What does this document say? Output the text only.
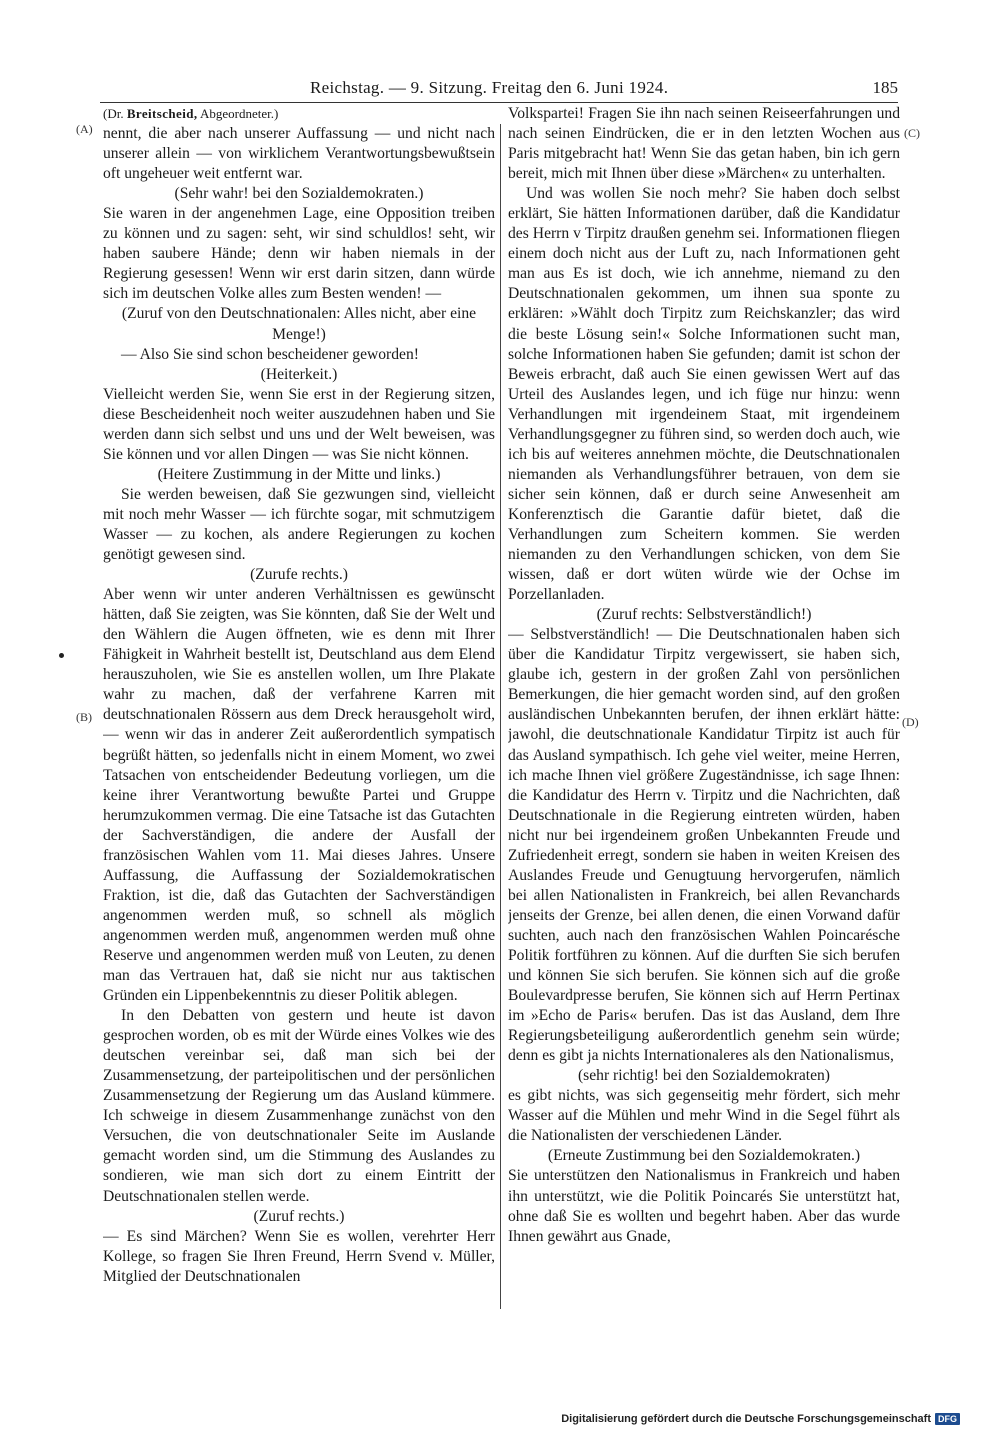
Reichstag. — 9. Sitzung. Freitag den 6. Juni 1924.	185
(A)
(B)
(C)
(D)

(Dr. Breitscheid, Abgeordneter.)

nennt, die aber nach unserer Auffassung — und nicht nach unserer allein — von wirklichem Verantwortungsbewußtsein oft ungeheuer weit entfernt war.

(Sehr wahr! bei den Sozialdemokraten.)

Sie waren in der angenehmen Lage, eine Opposition treiben zu können und zu sagen: seht, wir sind schuldlos! seht, wir haben saubere Hände; denn wir haben niemals in der Regierung gesessen! Wenn wir erst darin sitzen, dann würde sich im deutschen Volke alles zum Besten wenden! —

(Zuruf von den Deutschnationalen: Alles nicht, aber eine Menge!)

— Also Sie sind schon bescheidener geworden!

(Heiterkeit.)

Vielleicht werden Sie, wenn Sie erst in der Regierung sitzen, diese Bescheidenheit noch weiter auszudehnen haben und Sie werden dann sich selbst und uns und der Welt beweisen, was Sie können und vor allen Dingen — was Sie nicht können.

(Heitere Zustimmung in der Mitte und links.)

Sie werden beweisen, daß Sie gezwungen sind, vielleicht mit noch mehr Wasser — ich fürchte sogar, mit schmutzigem Wasser — zu kochen, als andere Regierungen zu kochen genötigt gewesen sind.

(Zurufe rechts.)

Aber wenn wir unter anderen Verhältnissen es gewünscht hätten, daß Sie zeigten, was Sie könnten, daß Sie der Welt und den Wählern die Augen öffneten, wie es denn mit Ihrer Fähigkeit in Wahrheit bestellt ist, Deutschland aus dem Elend herauszuholen, wie Sie es anstellen wollen, um Ihre Plakate wahr zu machen, daß der verfahrene Karren mit deutschnationalen Rössern aus dem Dreck herausgeholt wird, — wenn wir das in anderer Zeit außerordentlich sympatisch begrüßt hätten, so jedenfalls nicht in einem Moment, wo zwei Tatsachen von entscheidender Bedeutung vorliegen, um die keine ihrer Verantwortung bewußte Partei und Gruppe herumzukommen vermag. Die eine Tatsache ist das Gutachten der Sachverständigen, die andere der Ausfall der französischen Wahlen vom 11. Mai dieses Jahres. Unsere Auffassung, die Auffassung der Sozialdemokratischen Fraktion, ist die, daß das Gutachten der Sachverständigen angenommen werden muß, so schnell als möglich angenommen werden muß, angenommen werden muß ohne Reserve und angenommen werden muß von Leuten, zu denen man das Vertrauen hat, daß sie nicht nur aus taktischen Gründen ein Lippenbekenntnis zu dieser Politik ablegen.

In den Debatten von gestern und heute ist davon gesprochen worden, ob es mit der Würde eines Volkes wie des deutschen vereinbar sei, daß man sich bei der Zusammensetzung, der parteipolitischen und der persönlichen Zusammensetzung der Regierung um das Ausland kümmere. Ich schweige in diesem Zusammenhange zunächst von den Versuchen, die von deutschnationaler Seite im Auslande gemacht worden sind, um die Stimmung des Auslandes zu sondieren, wie man sich dort zu einem Eintritt der Deutschnationalen stellen werde.

(Zuruf rechts.)

— Es sind Märchen? Wenn Sie es wollen, verehrter Herr Kollege, so fragen Sie Ihren Freund, Herrn Svend v. Müller, Mitglied der Deutschnationalen

Volkspartei! Fragen Sie ihn nach seinen Reiseerfahrungen und nach seinen Eindrücken, die er in den letzten Wochen aus Paris mitgebracht hat! Wenn Sie das getan haben, bin ich gern bereit, mich mit Ihnen über diese »Märchen« zu unterhalten.

Und was wollen Sie noch mehr? Sie haben doch selbst erklärt, Sie hätten Informationen darüber, daß die Kandidatur des Herrn v Tirpitz draußen genehm sei. Informationen fliegen einem doch nicht aus der Luft zu, nach Informationen geht man aus Es ist doch, wie ich annehme, niemand zu den Deutschnationalen gekommen, um ihnen sua sponte zu erklären: »Wählt doch Tirpitz zum Reichskanzler; das wird die beste Lösung sein!« Solche Informationen sucht man, solche Informationen haben Sie gefunden; damit ist schon der Beweis erbracht, daß auch Sie einen gewissen Wert auf das Urteil des Auslandes legen, und ich füge nur hinzu: wenn Verhandlungen mit irgendeinem Staat, mit irgendeinem Verhandlungsgegner zu führen sind, so werden doch auch, wie ich bis auf weiteres annehmen möchte, die Deutschnationalen niemanden als Verhandlungsführer betrauen, von dem sie sicher sein können, daß er durch seine Anwesenheit am Konferenztisch die Garantie dafür bietet, daß die Verhandlungen zum Scheitern kommen. Sie werden niemanden zu den Verhandlungen schicken, von dem Sie wissen, daß er dort wüten würde wie der Ochse im Porzellanladen.

(Zuruf rechts: Selbstverständlich!)

— Selbstverständlich! — Die Deutschnationalen haben sich über die Kandidatur Tirpitz vergewissert, sie haben sich, glaube ich, gestern in der großen Zahl von persönlichen Bemerkungen, die hier gemacht worden sind, auf den großen ausländischen Unbekannten berufen, der ihnen erklärt hätte: jawohl, die deutschnationale Kandidatur Tirpitz ist auch für das Ausland sympathisch. Ich gehe viel weiter, meine Herren, ich mache Ihnen viel größere Zugeständnisse, ich sage Ihnen: die Kandidatur des Herrn v. Tirpitz und die Nachrichten, daß Deutschnationale in die Regierung eintreten würden, haben nicht nur bei irgendeinem großen Unbekannten Freude und Zufriedenheit erregt, sondern sie haben in weiten Kreisen des Auslandes Freude und Genugtuung hervorgerufen, nämlich bei allen Nationalisten in Frankreich, bei allen Revanchards jenseits der Grenze, bei allen denen, die einen Vorwand dafür suchten, auch nach den französischen Wahlen Poincarésche Politik fortführen zu können. Auf die durften Sie sich berufen und können Sie sich berufen. Sie können sich auf die große Boulevardpresse berufen, Sie können sich auf Herrn Pertinax im »Echo de Paris« berufen. Das ist das Ausland, dem Ihre Regierungsbeteiligung außerordentlich genehm sein würde; denn es gibt ja nichts Internationaleres als den Nationalismus,

(sehr richtig! bei den Sozialdemokraten)

es gibt nichts, was sich gegenseitig mehr fördert, sich mehr Wasser auf die Mühlen und mehr Wind in die Segel führt als die Nationalisten der verschiedenen Länder.

(Erneute Zustimmung bei den Sozialdemokraten.)

Sie unterstützen den Nationalismus in Frankreich und haben ihn unterstützt, wie die Politik Poincarés Sie unterstützt hat, ohne daß Sie es wollten und begehrt haben. Aber das wurde Ihnen gewährt aus Gnade,

Digitalisierung gefördert durch die Deutsche Forschungsgemeinschaft DFG
